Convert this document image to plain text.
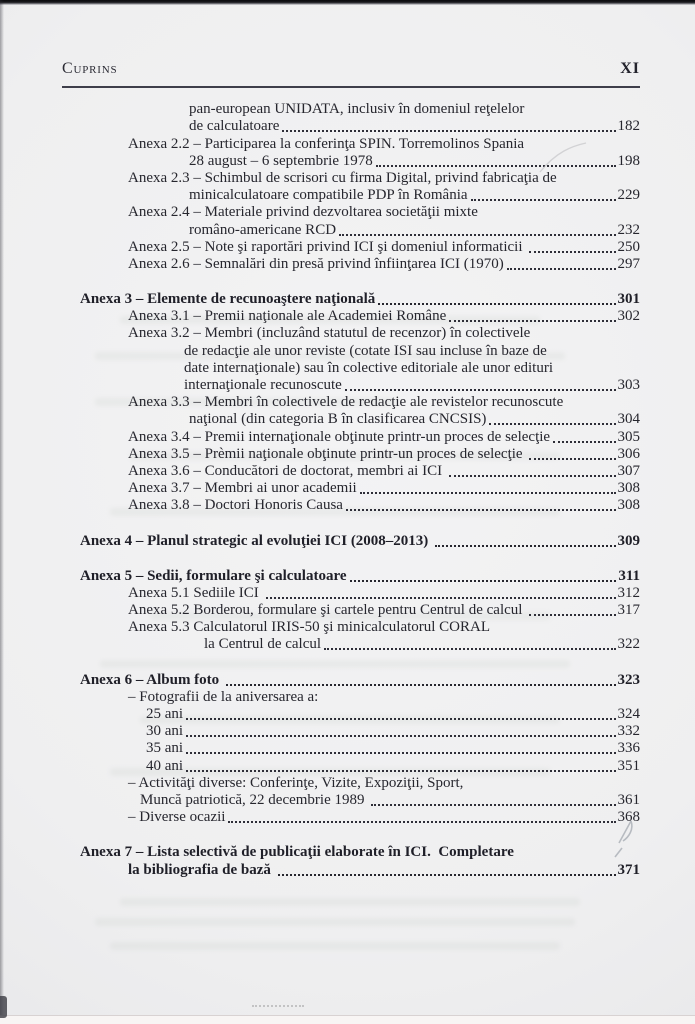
Cuprins	XI
pan-european UNIDATA, inclusiv în domeniul reţelelor
de calculatoare	182
Anexa 2.2 – Participarea la conferinţa SPIN. Torremolinos Spania
28 august – 6 septembrie 1978	198
Anexa 2.3 – Schimbul de scrisori cu firma Digital, privind fabricaţia de
minicalculatoare compatibile PDP în România	229
Anexa 2.4 – Materiale privind dezvoltarea societăţii mixte
româno-americane RCD	232
Anexa 2.5 – Note şi raportări privind ICI şi domeniul informaticii	250
Anexa 2.6 – Semnalări din presă privind înfiinţarea ICI (1970)	297
Anexa 3 – Elemente de recunoaştere naţională	301
Anexa 3.1 – Premii naţionale ale Academiei Române	302
Anexa 3.2 – Membri (incluzând statutul de recenzor) în colectivele
de redacţie ale unor reviste (cotate ISI sau incluse în baze de
date internaţionale) sau în colective editoriale ale unor edituri
internaţionale recunoscute	303
Anexa 3.3 – Membri în colectivele de redacţie ale revistelor recunoscute
naţional (din categoria B în clasificarea CNCSIS)	304
Anexa 3.4 – Premii internaţionale obţinute printr-un proces de selecţie	305
Anexa 3.5 – Prèmii naţionale obţinute printr-un proces de selecţie	306
Anexa 3.6 – Conducători de doctorat, membri ai ICI	307
Anexa 3.7 – Membri ai unor academii	308
Anexa 3.8 – Doctori Honoris Causa	308
Anexa 4 – Planul strategic al evoluţiei ICI (2008–2013)	309
Anexa 5 – Sedii, formulare şi calculatoare	311
Anexa 5.1 Sediile ICI	312
Anexa 5.2 Borderou, formulare şi cartele pentru Centrul de calcul	317
Anexa 5.3 Calculatorul IRIS-50 şi minicalculatorul CORAL
la Centrul de calcul	322
Anexa 6 – Album foto	323
– Fotografii de la aniversarea a:
25 ani	324
30 ani	332
35 ani	336
40 ani	351
– Activităţi diverse: Conferinţe, Vizite, Expoziţii, Sport,
Muncă patriotică, 22 decembrie 1989	361
– Diverse ocazii	368
Anexa 7 – Lista selectivă de publicaţii elaborate în ICI.  Completare
la bibliografia de bază	371
